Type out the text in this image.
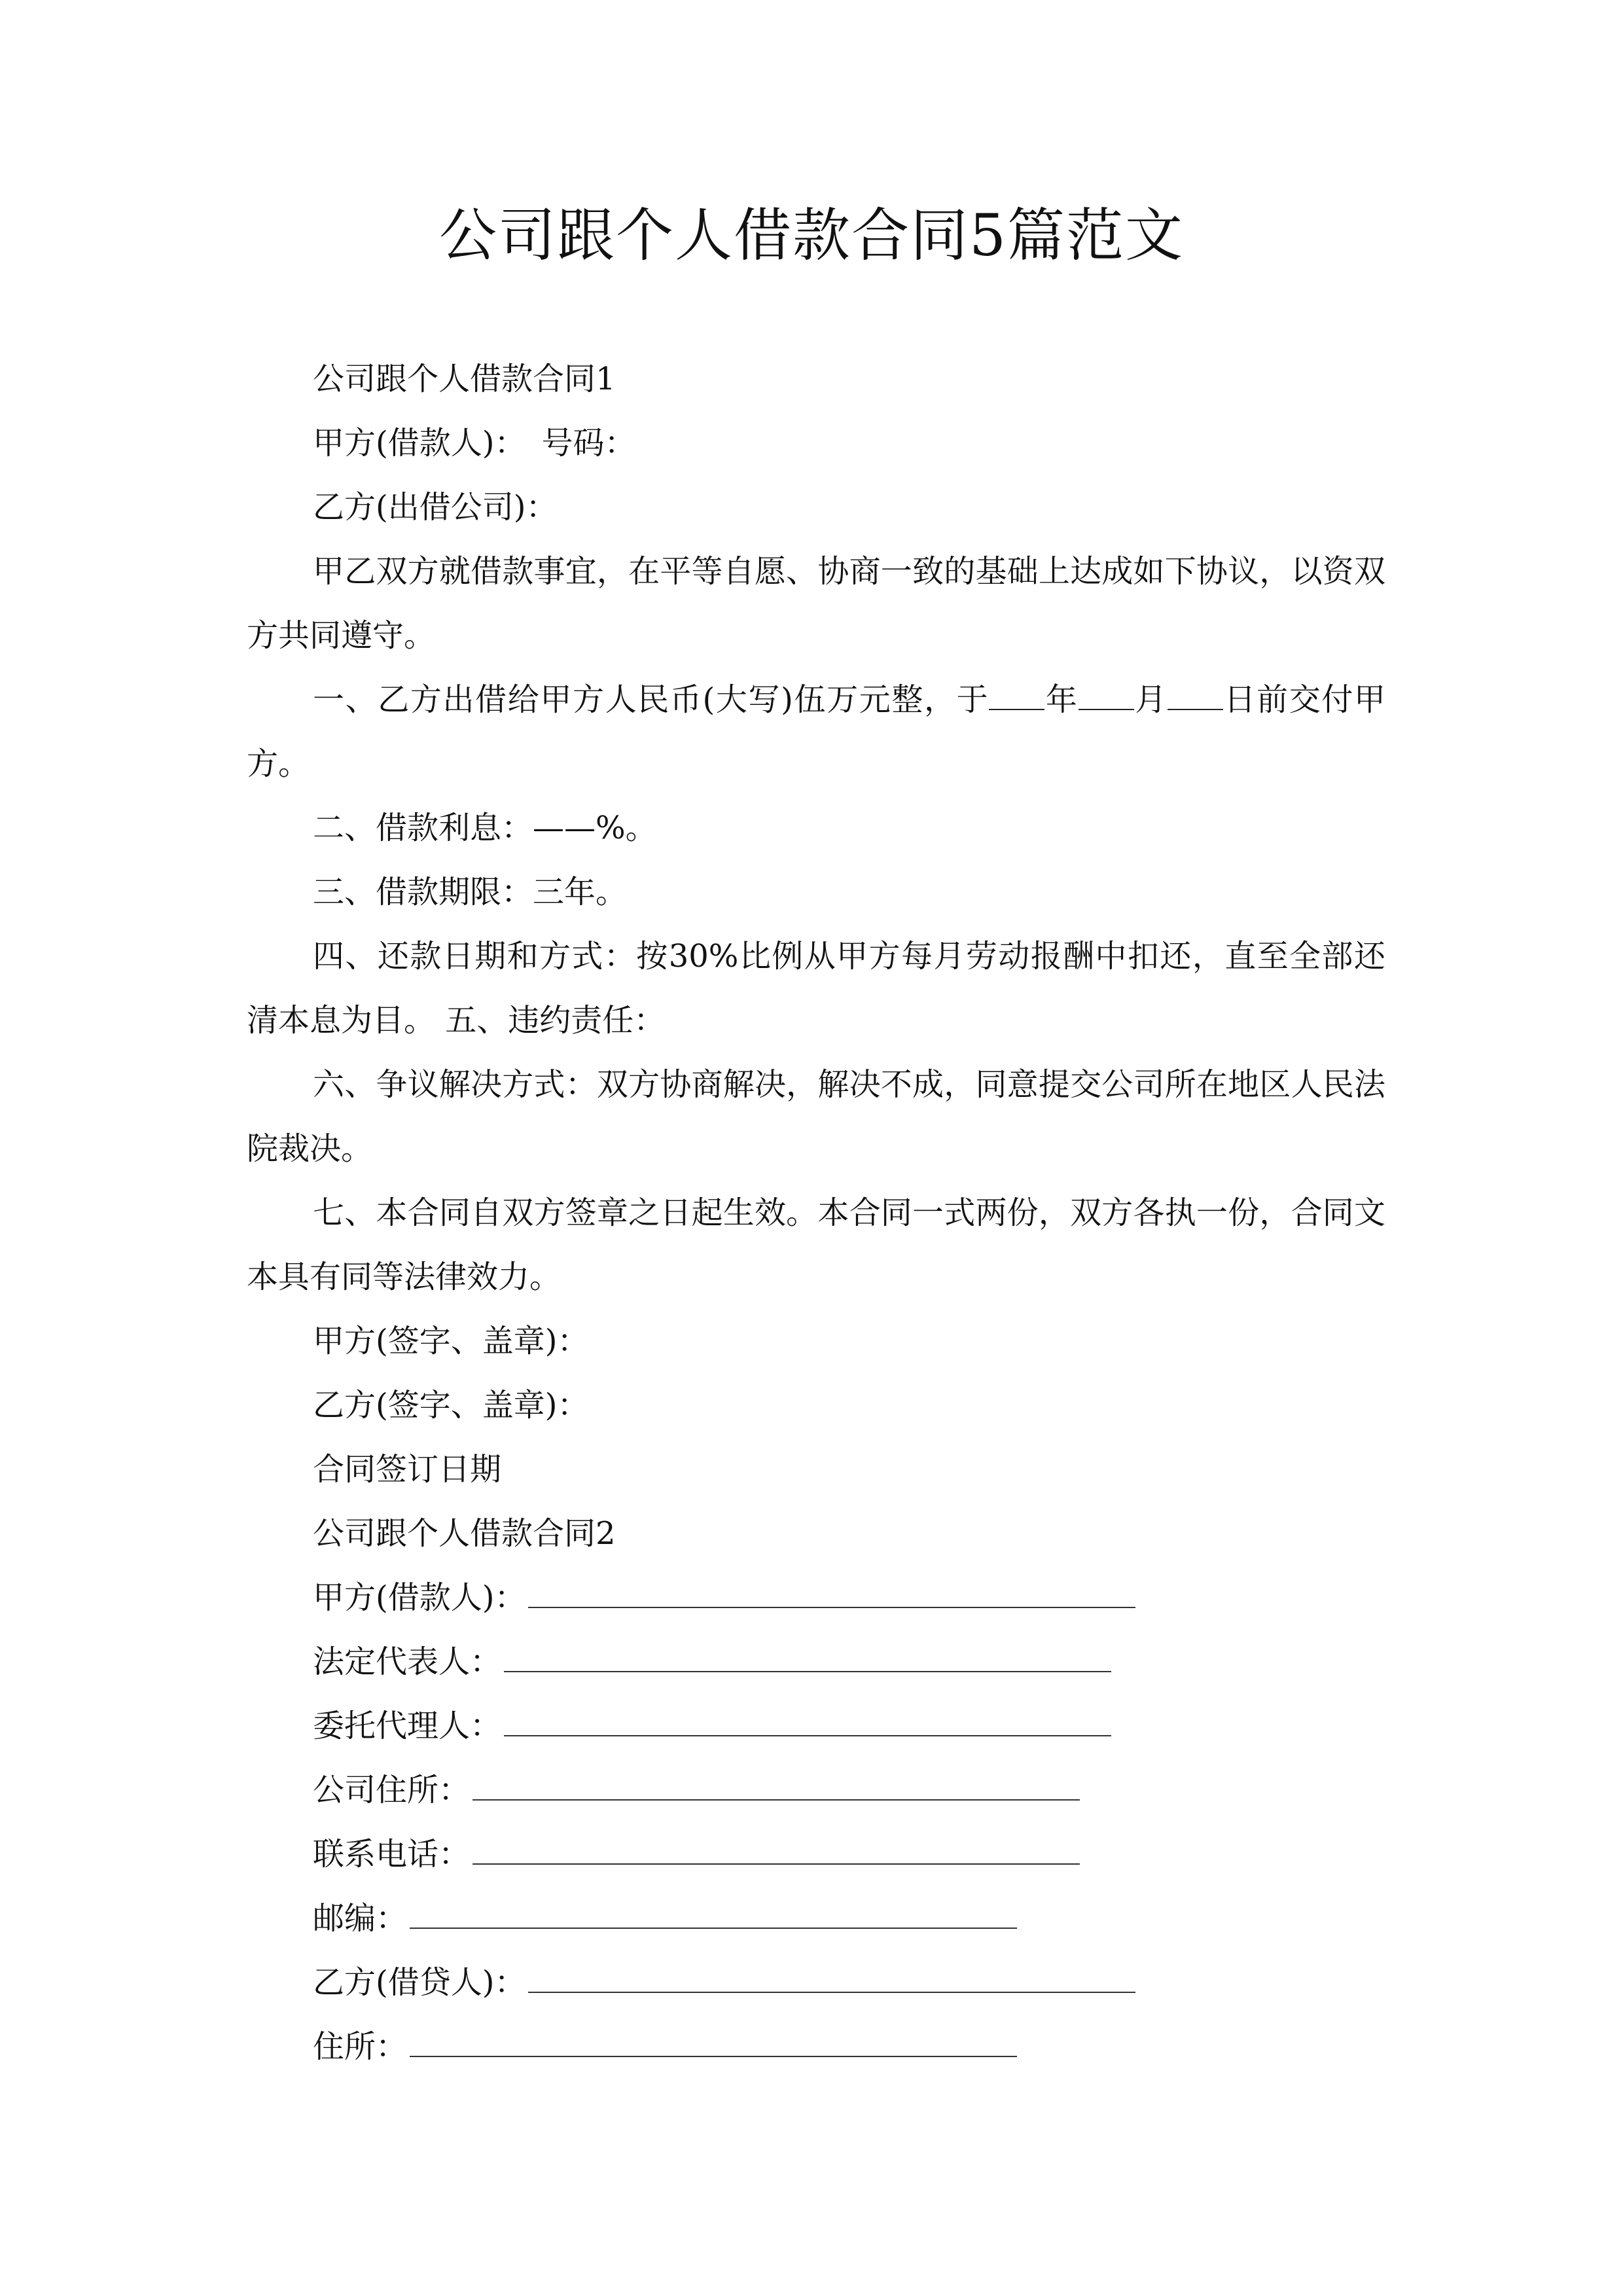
公司跟个人借款合同5篇范文

公司跟个人借款合同1

甲方(借款人)：　号码：

乙方(出借公司)：

甲乙双方就借款事宜，在平等自愿、协商一致的基础上达成如下协议，以资双方共同遵守。

一、乙方出借给甲方人民币(大写)伍万元整，于 年 月 日前交付甲方。

二、借款利息：——%。

三、借款期限：三年。

四、还款日期和方式：按30%比例从甲方每月劳动报酬中扣还，直至全部还清本息为目。 五、违约责任：

六、争议解决方式：双方协商解决，解决不成，同意提交公司所在地区人民法院裁决。

七、本合同自双方签章之日起生效。本合同一式两份，双方各执一份，合同文本具有同等法律效力。

甲方(签字、盖章)：

乙方(签字、盖章)：

合同签订日期

公司跟个人借款合同2

甲方(借款人)：

法定代表人：

委托代理人：

公司住所：

联系电话：

邮编：

乙方(借贷人)：

住所：
